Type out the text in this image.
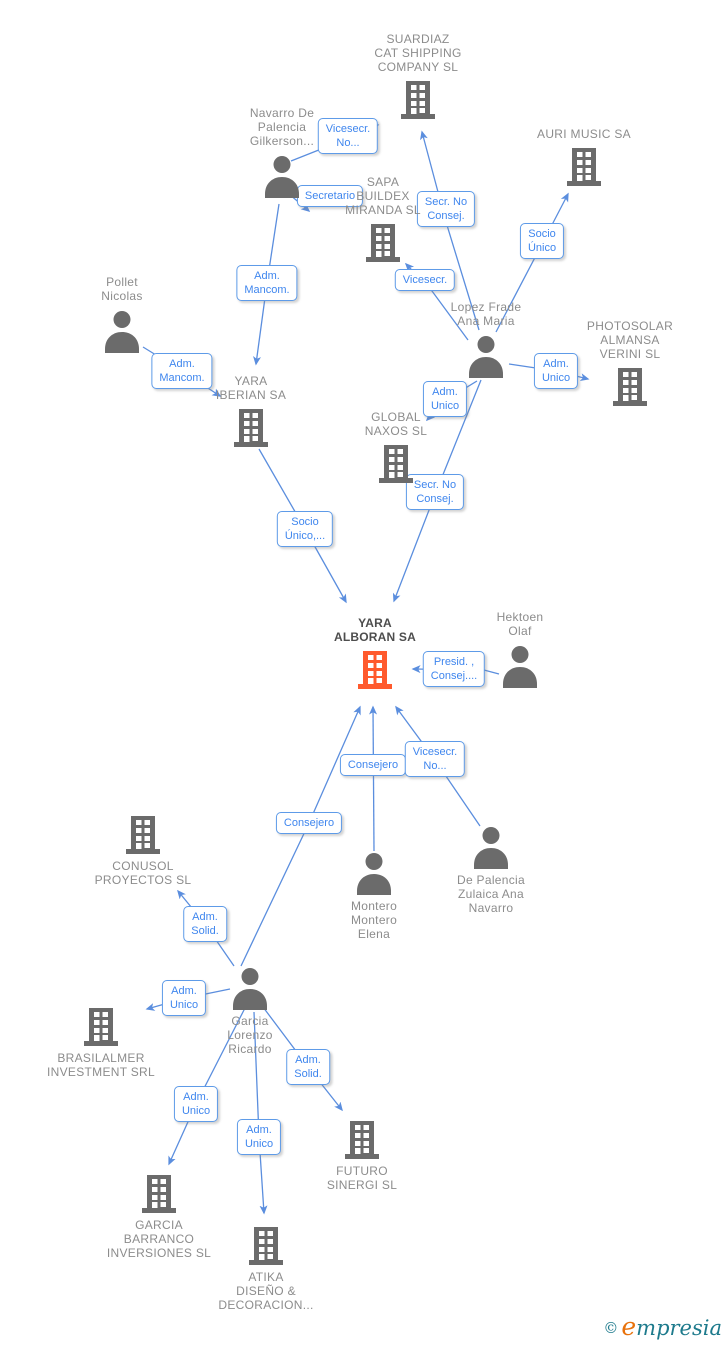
© empresia
Vicesecr.
No...
Secretario
Adm.
Mancom.
Adm.
Mancom.
Secr. No
Consej.
Socio
Único
Vicesecr.
Adm.
Unico
Adm.
Unico
Secr. No
Consej.
Socio
Único,...
Presid. ,
Consej....
Consejero
Vicesecr.
No...
Consejero
Adm.
Solid.
Adm.
Unico
Adm.
Unico
Adm.
Unico
Adm.
Solid.
SUARDIAZ
CAT SHIPPING
COMPANY SL
SAPA
BUILDEX
MIRANDA SL
AURI MUSIC SA
PHOTOSOLAR
ALMANSA
VERINI SL
YARA
IBERIAN SA
GLOBAL
NAXOS SL
YARA
ALBORAN SA
CONUSOL
PROYECTOS SL
BRASILALMER
INVESTMENT SRL
FUTURO
SINERGI SL
GARCIA
BARRANCO
INVERSIONES SL
ATIKA
DISEÑO &
DECORACION...
Navarro De
Palencia
Gilkerson...
Pollet
Nicolas
Lopez Frade
Ana Maria
Hektoen
Olaf
Montero
Montero
Elena
De Palencia
Zulaica Ana
Navarro
Garcia
Lorenzo
Ricardo
